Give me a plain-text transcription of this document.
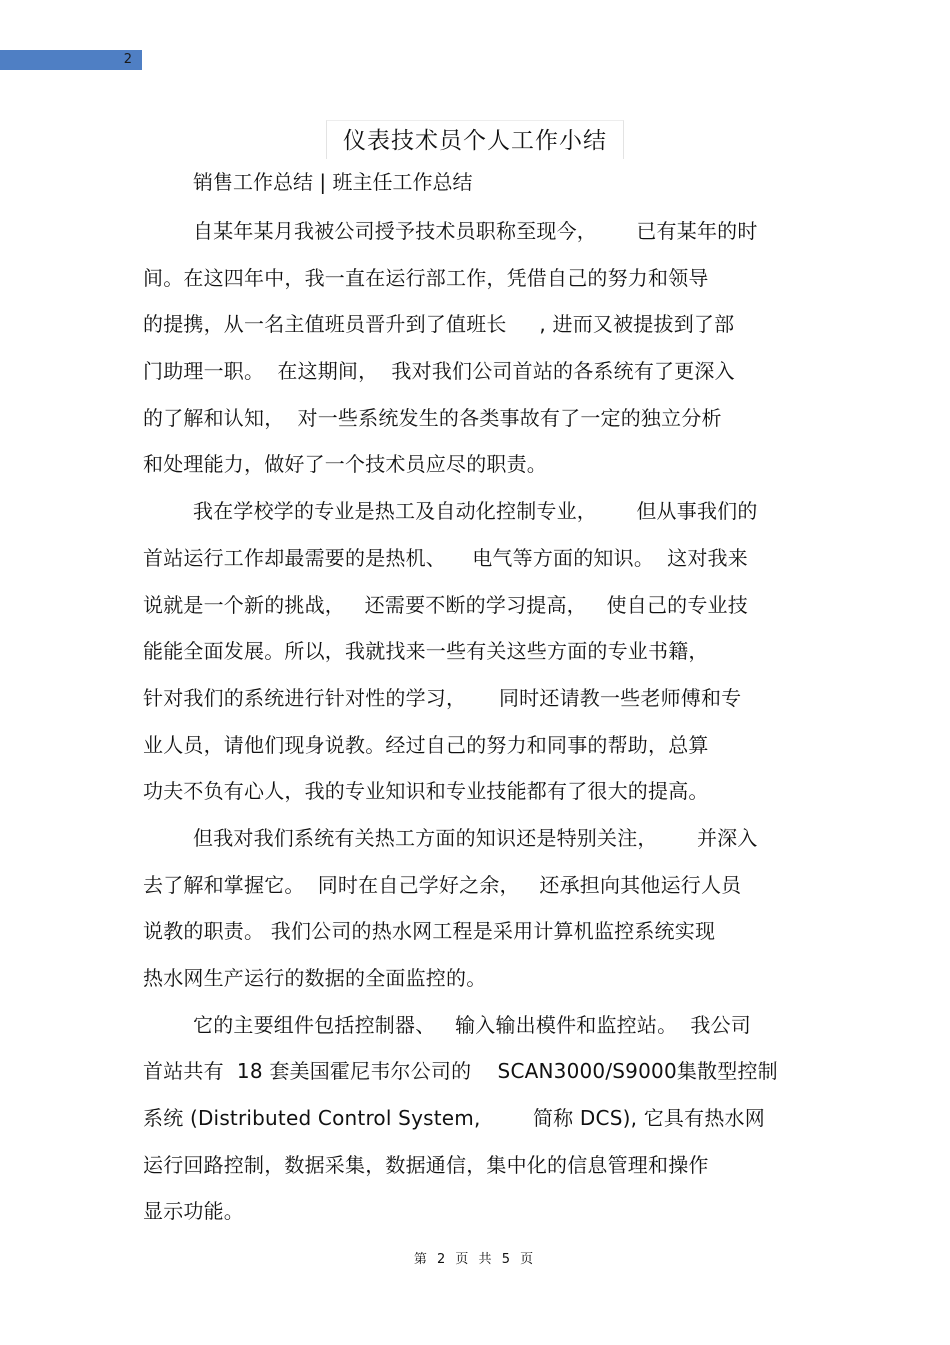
2
仪表技术员个人工作小结
销售工作总结 | 班主任工作总结
自某年某月我被公司授予技术员职称至现今，      已有某年的时
间。在这四年中，我一直在运行部工作，凭借自己的努力和领导
的提携，从一名主值班员晋升到了值班长     , 进而又被提拔到了部
门助理一职。  在这期间，  我对我们公司首站的各系统有了更深入
的了解和认知，  对一些系统发生的各类事故有了一定的独立分析
和处理能力，做好了一个技术员应尽的职责。
我在学校学的专业是热工及自动化控制专业，      但从事我们的
首站运行工作却最需要的是热机、    电气等方面的知识。  这对我来
说就是一个新的挑战，   还需要不断的学习提高，   使自己的专业技
能能全面发展。所以，我就找来一些有关这些方面的专业书籍，
针对我们的系统进行针对性的学习，     同时还请教一些老师傅和专
业人员，请他们现身说教。经过自己的努力和同事的帮助，总算
功夫不负有心人，我的专业知识和专业技能都有了很大的提高。
但我对我们系统有关热工方面的知识还是特别关注，      并深入
去了解和掌握它。  同时在自己学好之余，   还承担向其他运行人员
说教的职责。 我们公司的热水网工程是采用计算机监控系统实现
热水网生产运行的数据的全面监控的。
它的主要组件包括控制器、   输入输出模件和监控站。  我公司
首站共有  18 套美国霍尼韦尔公司的    SCAN3000/S9000集散型控制
系统 (Distributed Control System,        简称 DCS), 它具有热水网
运行回路控制，数据采集，数据通信，集中化的信息管理和操作
显示功能。
第 2 页 共 5 页
